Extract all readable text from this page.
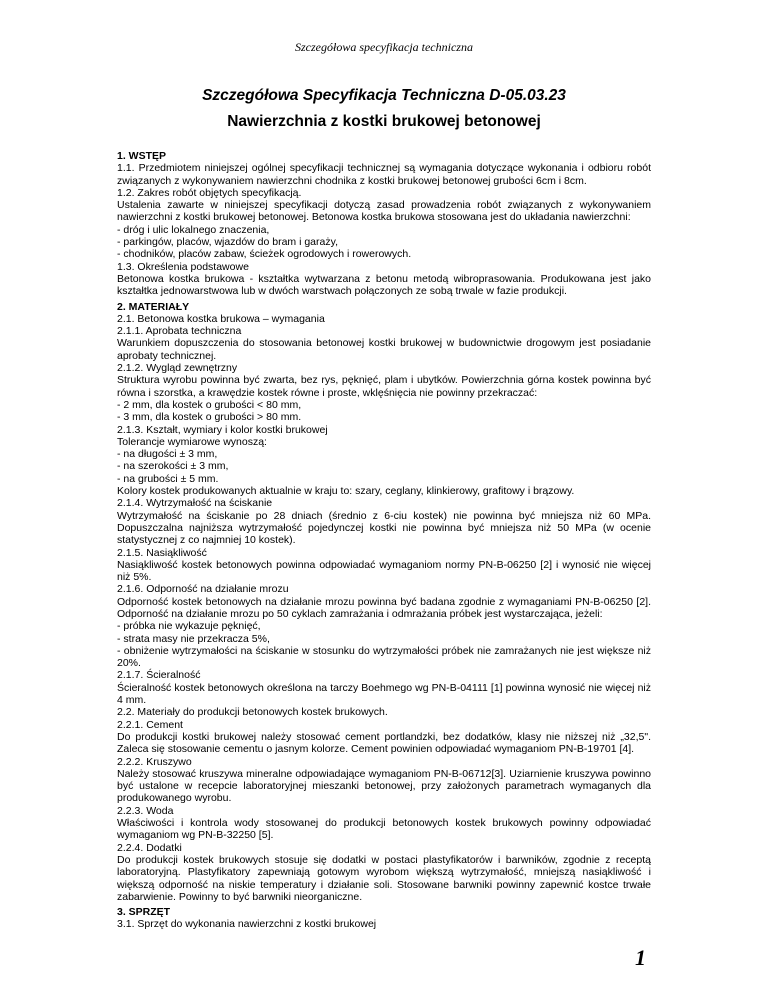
Szczegółowa specyfikacja techniczna
Szczegółowa Specyfikacja Techniczna D-05.03.23
Nawierzchnia z kostki brukowej betonowej

1. WSTĘP

1.1. Przedmiotem niniejszej ogólnej specyfikacji technicznej są wymagania dotyczące wykonania i odbioru robót związanych z wykonywaniem nawierzchni chodnika z kostki brukowej betonowej grubości 6cm i 8cm.

1.2. Zakres robót objętych specyfikacją.

Ustalenia zawarte w niniejszej specyfikacji dotyczą zasad prowadzenia robót związanych z wykonywaniem nawierzchni z kostki brukowej betonowej. Betonowa kostka brukowa stosowana jest do układania nawierzchni:

- dróg i ulic lokalnego znaczenia,

- parkingów, placów, wjazdów do bram i garaży,

- chodników, placów zabaw, ścieżek ogrodowych i rowerowych.

1.3. Określenia podstawowe

Betonowa kostka brukowa - kształtka wytwarzana z betonu metodą wibroprasowania. Produkowana jest jako kształtka jednowarstwowa lub w dwóch warstwach połączonych ze sobą trwale w fazie produkcji.

2. MATERIAŁY

2.1. Betonowa kostka brukowa – wymagania

2.1.1. Aprobata techniczna

Warunkiem dopuszczenia do stosowania betonowej kostki brukowej w budownictwie drogowym jest posiadanie aprobaty technicznej.

2.1.2. Wygląd zewnętrzny

Struktura wyrobu powinna być zwarta, bez rys, pęknięć, plam i ubytków. Powierzchnia górna kostek powinna być równa i szorstka, a krawędzie kostek równe i proste, wklęśnięcia nie powinny przekraczać:

- 2 mm, dla kostek o grubości < 80 mm,

- 3 mm, dla kostek o grubości > 80 mm.

2.1.3. Kształt, wymiary i kolor kostki brukowej

Tolerancje wymiarowe wynoszą:

- na długości ± 3 mm,

- na szerokości ± 3 mm,

- na grubości ± 5 mm.

Kolory kostek produkowanych aktualnie w kraju to: szary, ceglany, klinkierowy, grafitowy i brązowy.

2.1.4. Wytrzymałość na ściskanie

Wytrzymałość na ściskanie po 28 dniach (średnio z 6-ciu kostek) nie powinna być mniejsza niż 60 MPa. Dopuszczalna najniższa wytrzymałość pojedynczej kostki nie powinna być mniejsza niż 50 MPa (w ocenie statystycznej z co najmniej 10 kostek).

2.1.5. Nasiąkliwość

Nasiąkliwość kostek betonowych powinna odpowiadać wymaganiom normy PN-B-06250 [2] i wynosić nie więcej niż 5%.

2.1.6. Odporność na działanie mrozu

Odporność kostek betonowych na działanie mrozu powinna być badana zgodnie z wymaganiami PN-B-06250 [2]. Odporność na działanie mrozu po 50 cyklach zamrażania i odmrażania próbek jest wystarczająca, jeżeli:

- próbka nie wykazuje pęknięć,

- strata masy nie przekracza 5%,

- obniżenie wytrzymałości na ściskanie w stosunku do wytrzymałości próbek nie zamrażanych nie jest większe niż 20%.

2.1.7. Ścieralność

Ścieralność kostek betonowych określona na tarczy Boehmego wg PN-B-04111 [1] powinna wynosić nie więcej niż 4 mm.

2.2. Materiały do produkcji betonowych kostek brukowych.

2.2.1. Cement

Do produkcji kostki brukowej należy stosować cement portlandzki, bez dodatków, klasy nie niższej niż „32,5". Zaleca się stosowanie cementu o jasnym kolorze. Cement powinien odpowiadać wymaganiom PN-B-19701 [4].

2.2.2. Kruszywo

Należy stosować kruszywa mineralne odpowiadające wymaganiom PN-B-06712[3]. Uziarnienie kruszywa powinno być ustalone w recepcie laboratoryjnej mieszanki betonowej, przy założonych parametrach wymaganych dla produkowanego wyrobu.

2.2.3. Woda

Właściwości i kontrola wody stosowanej do produkcji betonowych kostek brukowych powinny odpowiadać wymaganiom wg PN-B-32250 [5].

2.2.4. Dodatki

Do produkcji kostek brukowych stosuje się dodatki w postaci plastyfikatorów i barwników, zgodnie z receptą laboratoryjną. Plastyfikatory zapewniają gotowym wyrobom większą wytrzymałość, mniejszą nasiąkliwość i większą odporność na niskie temperatury i działanie soli. Stosowane barwniki powinny zapewnić kostce trwałe zabarwienie. Powinny to być barwniki nieorganiczne.

3. SPRZĘT

3.1. Sprzęt do wykonania nawierzchni z kostki brukowej

1
